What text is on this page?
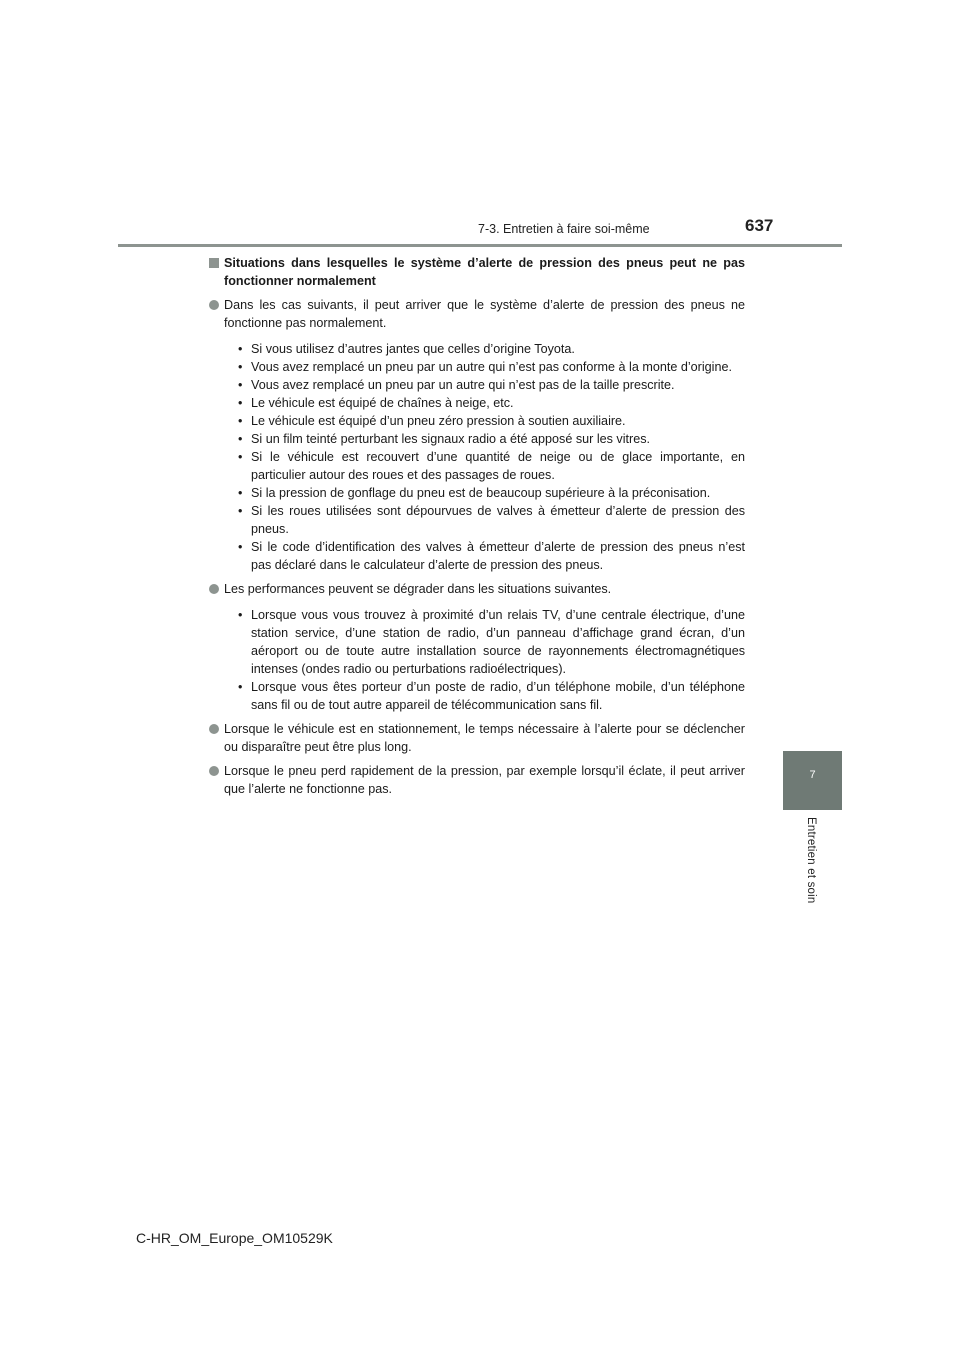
7-3. Entretien à faire soi-même	637
7
Entretien et soin
Situations dans lesquelles le système d’alerte de pression des pneus peut ne pas fonctionner normalement
Dans les cas suivants, il peut arriver que le système d’alerte de pression des pneus ne fonctionne pas normalement.
• Si vous utilisez d’autres jantes que celles d’origine Toyota.
• Vous avez remplacé un pneu par un autre qui n’est pas conforme à la monte d’origine.
• Vous avez remplacé un pneu par un autre qui n’est pas de la taille prescrite.
• Le véhicule est équipé de chaînes à neige, etc.
• Le véhicule est équipé d’un pneu zéro pression à soutien auxiliaire.
• Si un film teinté perturbant les signaux radio a été apposé sur les vitres.
• Si le véhicule est recouvert d’une quantité de neige ou de glace importante, en particulier autour des roues et des passages de roues.
• Si la pression de gonflage du pneu est de beaucoup supérieure à la préconisation.
• Si les roues utilisées sont dépourvues de valves à émetteur d’alerte de pression des pneus.
• Si le code d’identification des valves à émetteur d’alerte de pression des pneus n’est pas déclaré dans le calculateur d’alerte de pression des pneus.
Les performances peuvent se dégrader dans les situations suivantes.
• Lorsque vous vous trouvez à proximité d’un relais TV, d’une centrale électrique, d’une station service, d’une station de radio, d’un panneau d’affichage grand écran, d’un aéroport ou de toute autre installation source de rayonnements électromagnétiques intenses (ondes radio ou perturbations radioélectriques).
• Lorsque vous êtes porteur d’un poste de radio, d’un téléphone mobile, d’un téléphone sans fil ou de tout autre appareil de télécommunication sans fil.
Lorsque le véhicule est en stationnement, le temps nécessaire à l’alerte pour se déclencher ou disparaître peut être plus long.
Lorsque le pneu perd rapidement de la pression, par exemple lorsqu’il éclate, il peut arriver que l’alerte ne fonctionne pas.
C-HR_OM_Europe_OM10529K
